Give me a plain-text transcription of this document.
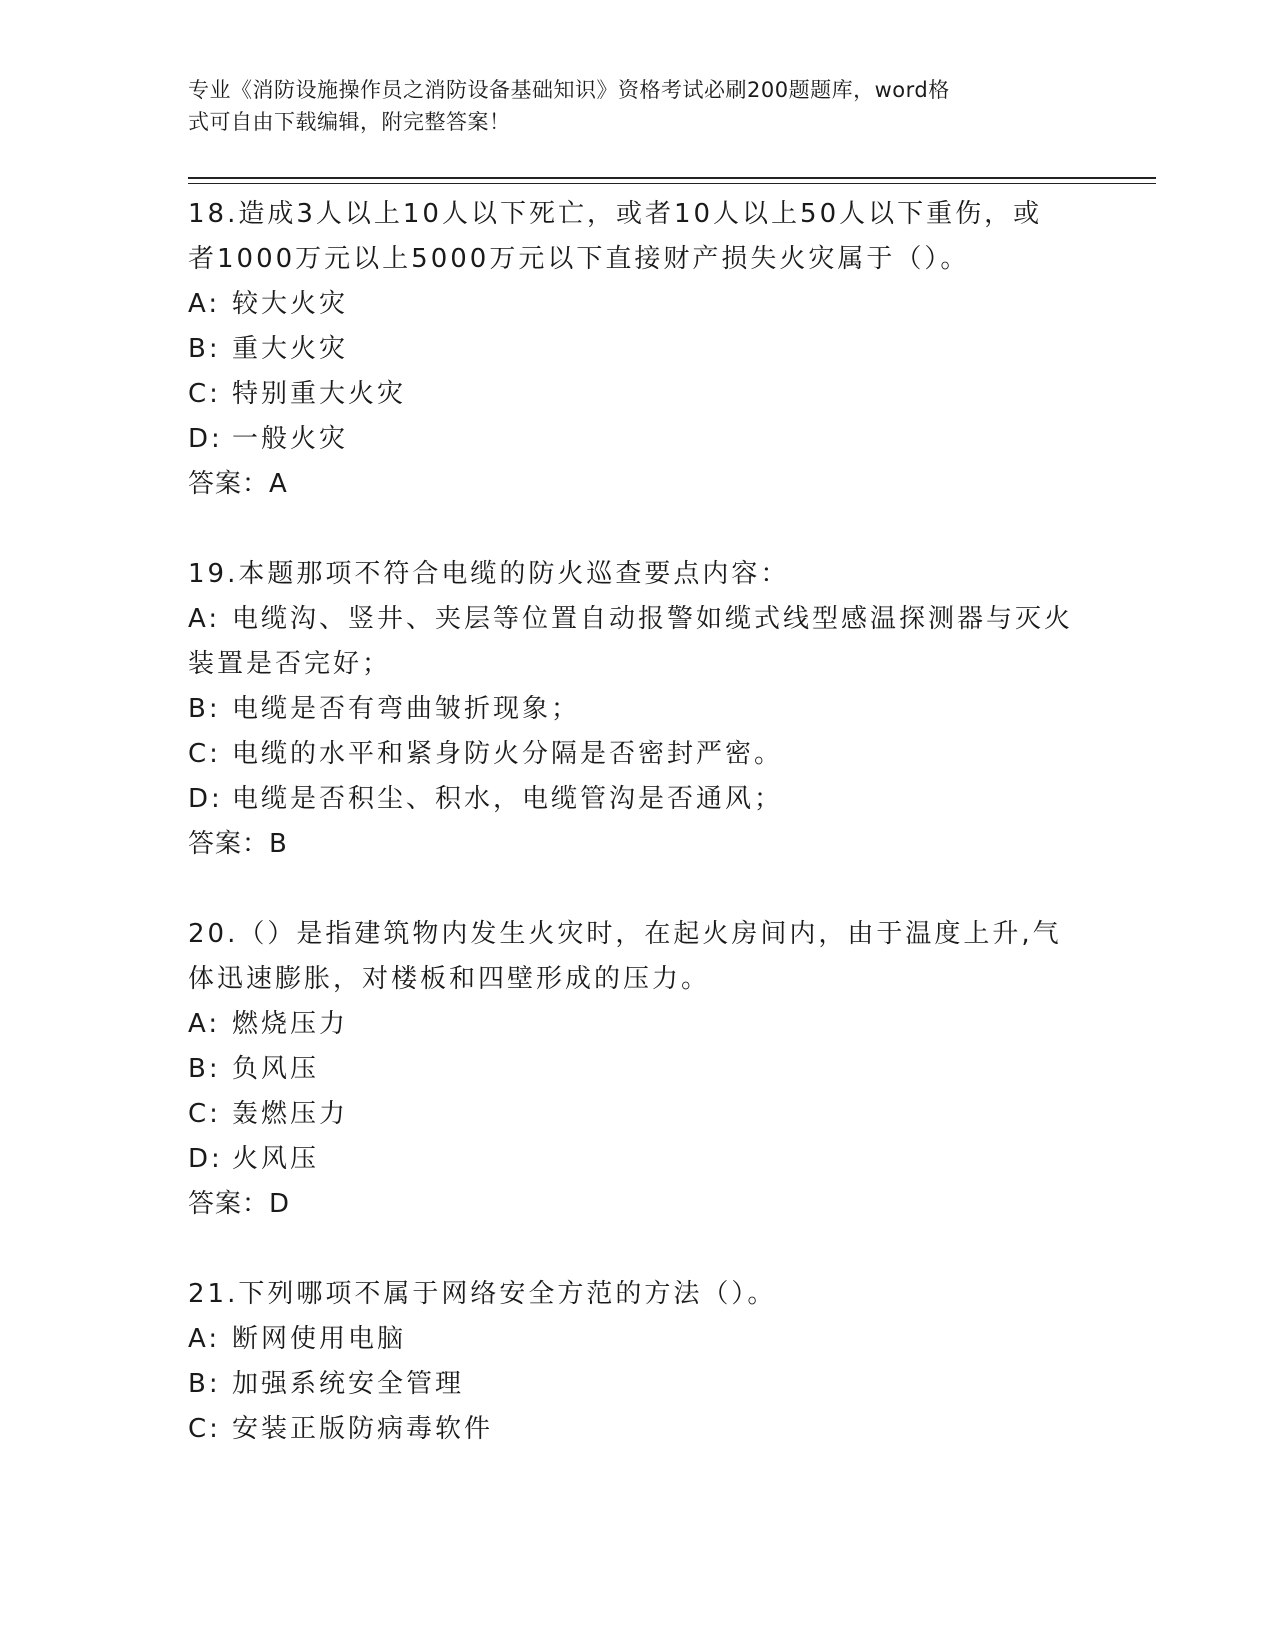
专业《消防设施操作员之消防设备基础知识》资格考试必刷200题题库，word格
式可自由下载编辑，附完整答案！

18.造成3人以上10人以下死亡，或者10人以上50人以下重伤，或

者1000万元以上5000万元以下直接财产损失火灾属于（）。

A: 较大火灾

B: 重大火灾

C: 特别重大火灾

D: 一般火灾

答案：A

19.本题那项不符合电缆的防火巡查要点内容：

A: 电缆沟、竖井、夹层等位置自动报警如缆式线型感温探测器与灭火

装置是否完好；

B: 电缆是否有弯曲皱折现象；

C: 电缆的水平和紧身防火分隔是否密封严密。

D: 电缆是否积尘、积水，电缆管沟是否通风；

答案：B

20.（）是指建筑物内发生火灾时，在起火房间内，由于温度上升,气

体迅速膨胀，对楼板和四壁形成的压力。

A: 燃烧压力

B: 负风压

C: 轰燃压力

D: 火风压

答案：D

21.下列哪项不属于网络安全方范的方法（）。

A: 断网使用电脑

B: 加强系统安全管理

C: 安装正版防病毒软件
